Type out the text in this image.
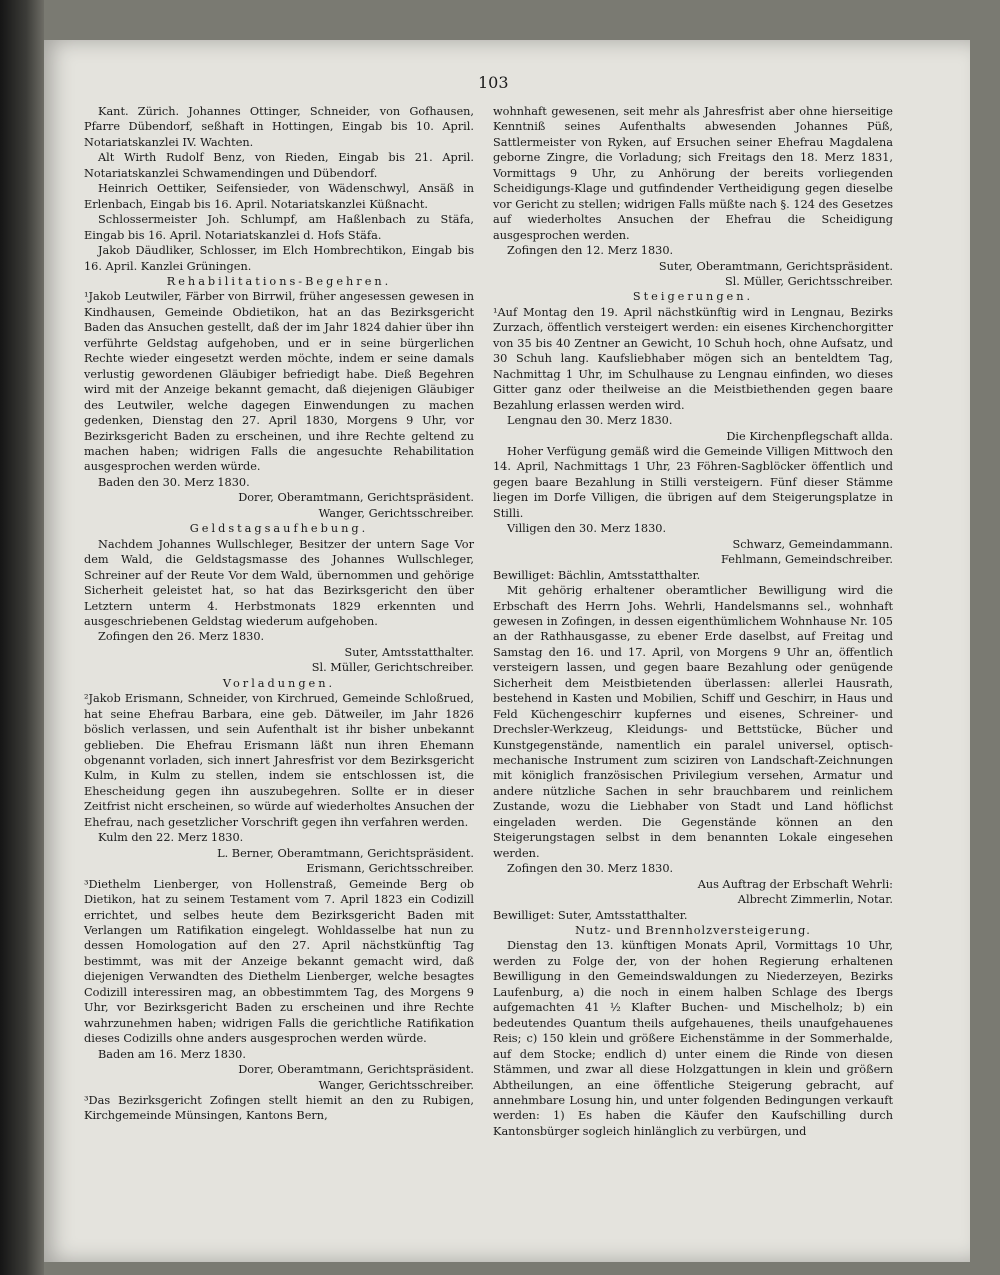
103

Kant. Zürich. Johannes Ottinger, Schneider, von Gofhausen, Pfarre Dübendorf, seßhaft in Hottingen, Eingab bis 10. April. Notariatskanzlei IV. Wachten.

Alt Wirth Rudolf Benz, von Rieden, Eingab bis 21. April. Notariatskanzlei Schwamendingen und Dübendorf.

Heinrich Oettiker, Seifensieder, von Wädenschwyl, Ansäß in Erlenbach, Eingab bis 16. April. Notariatskanzlei Küßnacht.

Schlossermeister Joh. Schlumpf, am Haßlenbach zu Stäfa, Eingab bis 16. April. Notariatskanzlei d. Hofs Stäfa.

Jakob Däudliker, Schlosser, im Elch Hombrechtikon, Eingab bis 16. April. Kanzlei Grüningen.

Rehabilitations-Begehren.

¹Jakob Leutwiler, Färber von Birrwil, früher angesessen gewesen in Kindhausen, Gemeinde Obdietikon, hat an das Bezirksgericht Baden das Ansuchen gestellt, daß der im Jahr 1824 dahier über ihn verführte Geldstag aufgehoben, und er in seine bürgerlichen Rechte wieder eingesetzt werden möchte, indem er seine damals verlustig gewordenen Gläubiger befriedigt habe. Dieß Begehren wird mit der Anzeige bekannt gemacht, daß diejenigen Gläubiger des Leutwiler, welche dagegen Einwendungen zu machen gedenken, Dienstag den 27. April 1830, Morgens 9 Uhr, vor Bezirksgericht Baden zu erscheinen, und ihre Rechte geltend zu machen haben; widrigen Falls die angesuchte Rehabilitation ausgesprochen werden würde.

Baden den 30. Merz 1830.

Dorer, Oberamtmann, Gerichtspräsident.

Wanger, Gerichtsschreiber.

Geldstagsaufhebung.

Nachdem Johannes Wullschleger, Besitzer der untern Sage Vor dem Wald, die Geldstagsmasse des Johannes Wullschleger, Schreiner auf der Reute Vor dem Wald, übernommen und gehörige Sicherheit geleistet hat, so hat das Bezirksgericht den über Letztern unterm 4. Herbstmonats 1829 erkennten und ausgeschriebenen Geldstag wiederum aufgehoben.

Zofingen den 26. Merz 1830.

Suter, Amtsstatthalter.

Sl. Müller, Gerichtschreiber.

Vorladungen.

²Jakob Erismann, Schneider, von Kirchrued, Gemeinde Schloßrued, hat seine Ehefrau Barbara, eine geb. Dätweiler, im Jahr 1826 böslich verlassen, und sein Aufenthalt ist ihr bisher unbekannt geblieben. Die Ehefrau Erismann läßt nun ihren Ehemann obgenannt vorladen, sich innert Jahresfrist vor dem Bezirksgericht Kulm, in Kulm zu stellen, indem sie entschlossen ist, die Ehescheidung gegen ihn auszubegehren. Sollte er in dieser Zeitfrist nicht erscheinen, so würde auf wiederholtes Ansuchen der Ehefrau, nach gesetzlicher Vorschrift gegen ihn verfahren werden.

Kulm den 22. Merz 1830.

L. Berner, Oberamtmann, Gerichtspräsident.

Erismann, Gerichtsschreiber.

³Diethelm Lienberger, von Hollenstraß, Gemeinde Berg ob Dietikon, hat zu seinem Testament vom 7. April 1823 ein Codizill errichtet, und selbes heute dem Bezirksgericht Baden mit Verlangen um Ratifikation eingelegt. Wohldasselbe hat nun zu dessen Homologation auf den 27. April nächstkünftig Tag bestimmt, was mit der Anzeige bekannt gemacht wird, daß diejenigen Verwandten des Diethelm Lienberger, welche besagtes Codizill interessiren mag, an obbestimmtem Tag, des Morgens 9 Uhr, vor Bezirksgericht Baden zu erscheinen und ihre Rechte wahrzunehmen haben; widrigen Falls die gerichtliche Ratifikation dieses Codizills ohne anders ausgesprochen werden würde.

Baden am 16. Merz 1830.

Dorer, Oberamtmann, Gerichtspräsident.

Wanger, Gerichtsschreiber.

³Das Bezirksgericht Zofingen stellt hiemit an den zu Rubigen, Kirchgemeinde Münsingen, Kantons Bern,

wohnhaft gewesenen, seit mehr als Jahresfrist aber ohne hierseitige Kenntniß seines Aufenthalts abwesenden Johannes Püß, Sattlermeister von Ryken, auf Ersuchen seiner Ehefrau Magdalena geborne Zingre, die Vorladung; sich Freitags den 18. Merz 1831, Vormittags 9 Uhr, zu Anhörung der bereits vorliegenden Scheidigungs-Klage und gutfindender Vertheidigung gegen dieselbe vor Gericht zu stellen; widrigen Falls müßte nach §. 124 des Gesetzes auf wiederholtes Ansuchen der Ehefrau die Scheidigung ausgesprochen werden.

Zofingen den 12. Merz 1830.

Suter, Oberamtmann, Gerichtspräsident.

Sl. Müller, Gerichtsschreiber.

Steigerungen.

¹Auf Montag den 19. April nächstkünftig wird in Lengnau, Bezirks Zurzach, öffentlich versteigert werden: ein eisenes Kirchenchorgitter von 35 bis 40 Zentner an Gewicht, 10 Schuh hoch, ohne Aufsatz, und 30 Schuh lang. Kaufsliebhaber mögen sich an benteldtem Tag, Nachmittag 1 Uhr, im Schulhause zu Lengnau einfinden, wo dieses Gitter ganz oder theilweise an die Meistbiethenden gegen baare Bezahlung erlassen werden wird.

Lengnau den 30. Merz 1830.

Die Kirchenpflegschaft allda.

Hoher Verfügung gemäß wird die Gemeinde Villigen Mittwoch den 14. April, Nachmittags 1 Uhr, 23 Föhren-Sagblöcker öffentlich und gegen baare Bezahlung in Stilli versteigern. Fünf dieser Stämme liegen im Dorfe Villigen, die übrigen auf dem Steigerungsplatze in Stilli.

Villigen den 30. Merz 1830.

Schwarz, Gemeindammann.

Fehlmann, Gemeindschreiber.

Bewilliget: Bächlin, Amtsstatthalter.

Mit gehörig erhaltener oberamtlicher Bewilligung wird die Erbschaft des Herrn Johs. Wehrli, Handelsmanns sel., wohnhaft gewesen in Zofingen, in dessen eigenthümlichem Wohnhause Nr. 105 an der Rathhausgasse, zu ebener Erde daselbst, auf Freitag und Samstag den 16. und 17. April, von Morgens 9 Uhr an, öffentlich versteigern lassen, und gegen baare Bezahlung oder genügende Sicherheit dem Meistbietenden überlassen: allerlei Hausrath, bestehend in Kasten und Mobilien, Schiff und Geschirr, in Haus und Feld Küchengeschirr kupfernes und eisenes, Schreiner- und Drechsler-Werkzeug, Kleidungs- und Bettstücke, Bücher und Kunstgegenstände, namentlich ein paralel universel, optisch-mechanische Instrument zum sciziren von Landschaft-Zeichnungen mit königlich französischen Privilegium versehen, Armatur und andere nützliche Sachen in sehr brauchbarem und reinlichem Zustande, wozu die Liebhaber von Stadt und Land höflichst eingeladen werden. Die Gegenstände können an den Steigerungstagen selbst in dem benannten Lokale eingesehen werden.

Zofingen den 30. Merz 1830.

Aus Auftrag der Erbschaft Wehrli:

Albrecht Zimmerlin, Notar.

Bewilliget: Suter, Amtsstatthalter.

Nutz- und Brennholzversteigerung.

Dienstag den 13. künftigen Monats April, Vormittags 10 Uhr, werden zu Folge der, von der hohen Regierung erhaltenen Bewilligung in den Gemeindswaldungen zu Niederzeyen, Bezirks Laufenburg, a) die noch in einem halben Schlage des Ibergs aufgemachten 41 ½ Klafter Buchen- und Mischelholz; b) ein bedeutendes Quantum theils aufgehauenes, theils unaufgehauenes Reis; c) 150 klein und größere Eichenstämme in der Sommerhalde, auf dem Stocke; endlich d) unter einem die Rinde von diesen Stämmen, und zwar all diese Holzgattungen in klein und größern Abtheilungen, an eine öffentliche Steigerung gebracht, auf annehmbare Losung hin, und unter folgenden Bedingungen verkauft werden: 1) Es haben die Käufer den Kaufschilling durch Kantonsbürger sogleich hinlänglich zu verbürgen, und
